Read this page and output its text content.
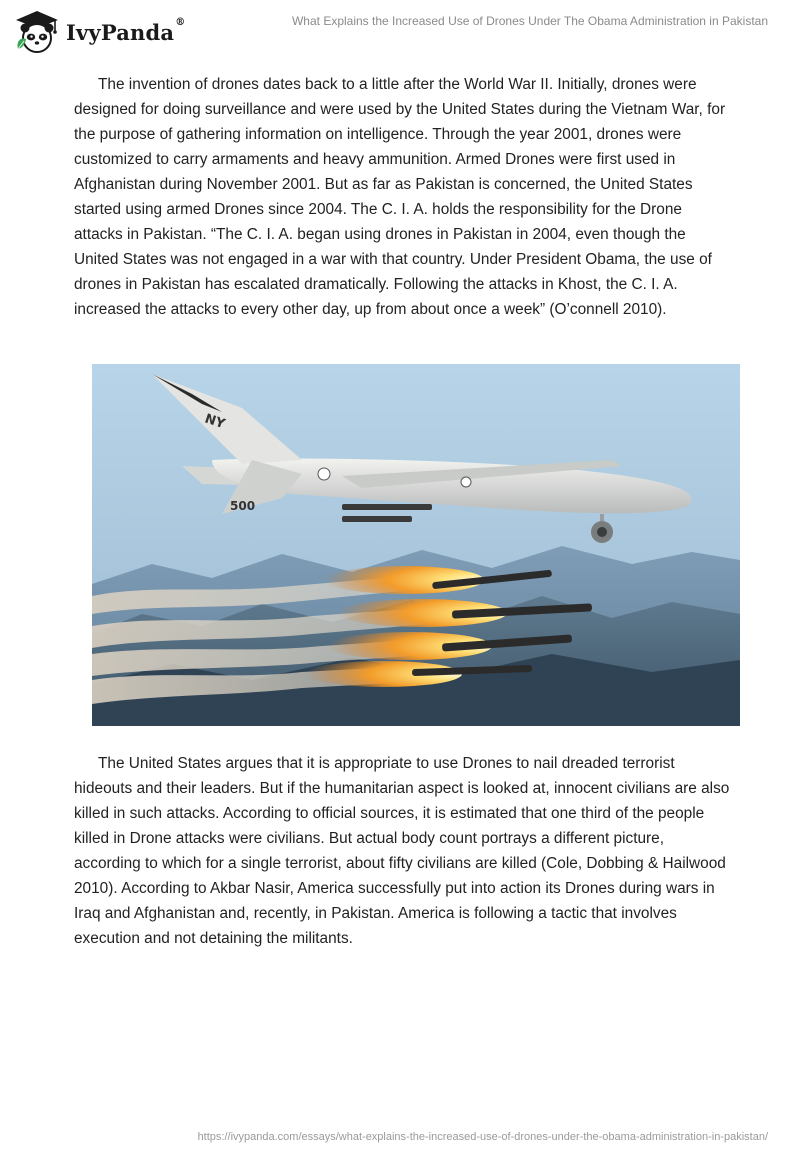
IvyPanda®	What Explains the Increased Use of Drones Under The Obama Administration in Pakistan

The invention of drones dates back to a little after the World War II. Initially, drones were designed for doing surveillance and were used by the United States during the Vietnam War, for the purpose of gathering information on intelligence. Through the year 2001, drones were customized to carry armaments and heavy ammunition. Armed Drones were first used in Afghanistan during November 2001. But as far as Pakistan is concerned, the United States started using armed Drones since 2004. The C. I. A. holds the responsibility for the Drone attacks in Pakistan. “The C. I. A. began using drones in Pakistan in 2004, even though the United States was not engaged in a war with that country. Under President Obama, the use of drones in Pakistan has escalated dramatically. Following the attacks in Khost, the C. I. A. increased the attacks to every other day, up from about once a week” (O’connell 2010).

NY
500

The United States argues that it is appropriate to use Drones to nail dreaded terrorist hideouts and their leaders. But if the humanitarian aspect is looked at, innocent civilians are also killed in such attacks. According to official sources, it is estimated that one third of the people killed in Drone attacks were civilians. But actual body count portrays a different picture, according to which for a single terrorist, about fifty civilians are killed (Cole, Dobbing & Hailwood 2010). According to Akbar Nasir, America successfully put into action its Drones during wars in Iraq and Afghanistan and, recently, in Pakistan. America is following a tactic that involves execution and not detaining the militants.

https://ivypanda.com/essays/what-explains-the-increased-use-of-drones-under-the-obama-administration-in-pakistan/
